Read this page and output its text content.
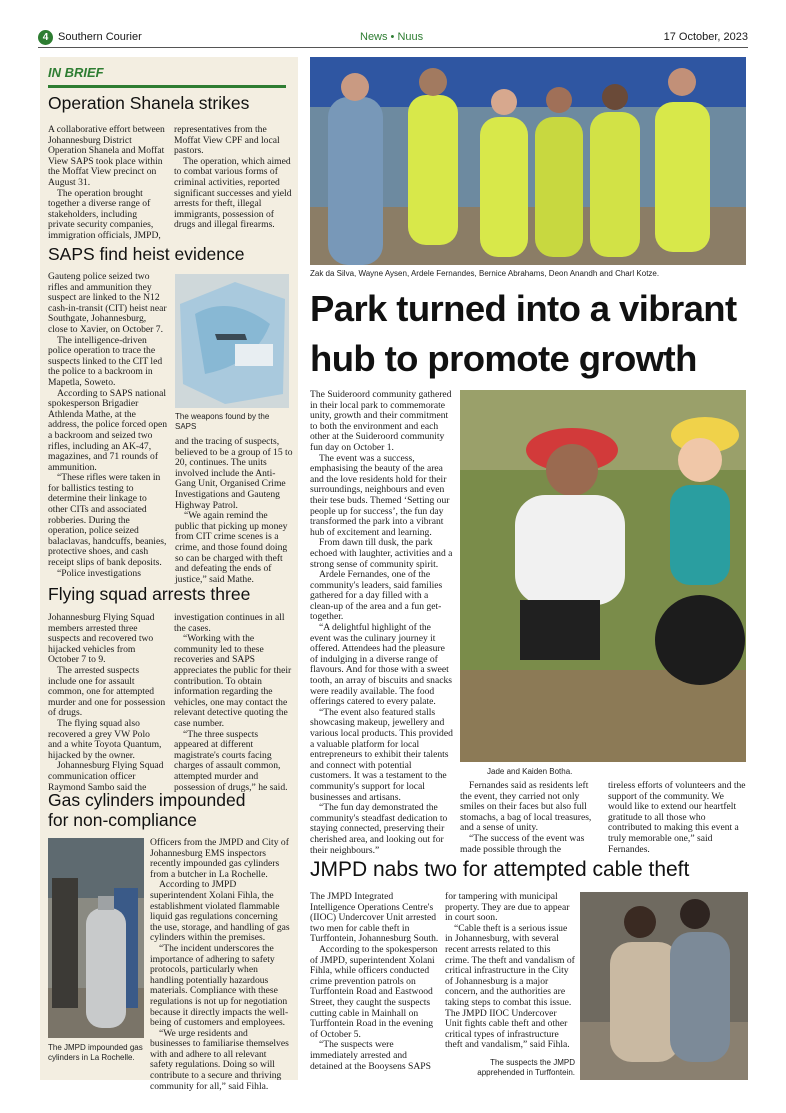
4 Southern Courier	News • Nuus	17 October, 2023
IN BRIEF
Operation Shanela strikes

A collaborative effort between Johannesburg District Operation Shanela and Moffat View SAPS took place within the Moffat View precinct on August 31.

The operation brought together a diverse range of stakeholders, including private security companies, immigration officials, JMPD,

representatives from the Moffat View CPF and local pastors.

The operation, which aimed to combat various forms of criminal activities, reported significant successes and yield arrests for theft, illegal immigrants, possession of drugs and illegal firearms.

SAPS find heist evidence

Gauteng police seized two rifles and ammunition they suspect are linked to the N12 cash-in-transit (CIT) heist near Southgate, Johannesburg, close to Xavier, on October 7.

The intelligence-driven police operation to trace the suspects linked to the CIT led the police to a backroom in Mapetla, Soweto.

According to SAPS national spokesperson Brigadier Athlenda Mathe, at the address, the police forced open a backroom and seized two rifles, including an AK-47, magazines, and 71 rounds of ammunition.

“These rifles were taken in for ballistics testing to determine their linkage to other CITs and associated robberies. During the operation, police seized balaclavas, handcuffs, beanies, protective shoes, and cash receipt slips of bank deposits.

“Police investigations

The weapons found by the SAPS

and the tracing of suspects, believed to be a group of 15 to 20, continues. The units involved include the Anti-Gang Unit, Organised Crime Investigations and Gauteng Highway Patrol.

“We again remind the public that picking up money from CIT crime scenes is a crime, and those found doing so can be charged with theft and defeating the ends of justice,” said Mathe.

Flying squad arrests three

Johannesburg Flying Squad members arrested three suspects and recovered two hijacked vehicles from October 7 to 9.

The arrested suspects include one for assault common, one for attempted murder and one for possession of drugs.

The flying squad also recovered a grey VW Polo and a white Toyota Quantum, hijacked by the owner.

Johannesburg Flying Squad communication officer Raymond Sambo said the

investigation continues in all the cases.

“Working with the community led to these recoveries and SAPS appreciates the public for their contribution. To obtain information regarding the vehicles, one may contact the relevant detective quoting the case number.

“The three suspects appeared at different magistrate's courts facing charges of assault common, attempted murder and possession of drugs,” he said.

Gas cylinders impounded
for non-compliance
The JMPD impounded gas cylinders in La Rochelle.

Officers from the JMPD and City of Johannesburg EMS inspectors recently impounded gas cylinders from a butcher in La Rochelle.

According to JMPD superintendent Xolani Fihla, the establishment violated flammable liquid gas regulations concerning the use, storage, and handling of gas cylinders within the premises.

“The incident underscores the importance of adhering to safety protocols, particularly when handling potentially hazardous materials. Compliance with these regulations is not up for negotiation because it directly impacts the well-being of customers and employees.

“We urge residents and businesses to familiarise themselves with and adhere to all relevant safety regulations. Doing so will contribute to a secure and thriving community for all,” said Fihla.

Zak da Silva, Wayne Aysen, Ardele Fernandes, Bernice Abrahams, Deon Anandh and Charl Kotze.
Park turned into a vibrant
hub to promote growth

The Suideroord community gathered in their local park to commemorate unity, growth and their commitment to both the environment and each other at the Suideroord community fun day on October 1.

The event was a success, emphasising the beauty of the area and the love residents hold for their surroundings, neighbours and even their tese buds. Themed ‘Setting our people up for success’, the fun day transformed the park into a vibrant hub of excitement and learning.

From dawn till dusk, the park echoed with laughter, activities and a strong sense of community spirit.

Ardele Fernandes, one of the community's leaders, said families gathered for a day filled with a clean-up of the area and a fun get-together.

“A delightful highlight of the event was the culinary journey it offered. Attendees had the pleasure of indulging in a diverse range of flavours. And for those with a sweet tooth, an array of biscuits and snacks were readily available. The food offerings catered to every palate.

“The event also featured stalls showcasing makeup, jewellery and various local products. This provided a valuable platform for local entrepreneurs to exhibit their talents and connect with potential customers. It was a testament to the community's support for local businesses and artisans.

“The fun day demonstrated the community's steadfast dedication to staying connected, preserving their cherished area, and looking out for their neighbours.”

Jade and Kaiden Botha.

Fernandes said as residents left the event, they carried not only smiles on their faces but also full stomachs, a bag of local treasures, and a sense of unity.

“The success of the event was made possible through the

tireless efforts of volunteers and the support of the community. We would like to extend our heartfelt gratitude to all those who contributed to making this event a truly memorable one,” said Fernandes.

JMPD nabs two for attempted cable theft

The JMPD Integrated Intelligence Operations Centre's (IIOC) Undercover Unit arrested two men for cable theft in Turffontein, Johannesburg South.

According to the spokesperson of JMPD, superintendent Xolani Fihla, while officers conducted crime prevention patrols on Turffontein Road and Eastwood Street, they caught the suspects cutting cable in Mainhall on Turffontein Road in the evening of October 5.

“The suspects were immediately arrested and detained at the Booysens SAPS

for tampering with municipal property. They are due to appear in court soon.

“Cable theft is a serious issue in Johannesburg, with several recent arrests related to this crime. The theft and vandalism of critical infrastructure in the City of Johannesburg is a major concern, and the authorities are taking steps to combat this issue. The JMPD IIOC Undercover Unit fights cable theft and other critical types of infrastructure theft and vandalism,” said Fihla.

The suspects the JMPD
apprehended in Turffontein.
